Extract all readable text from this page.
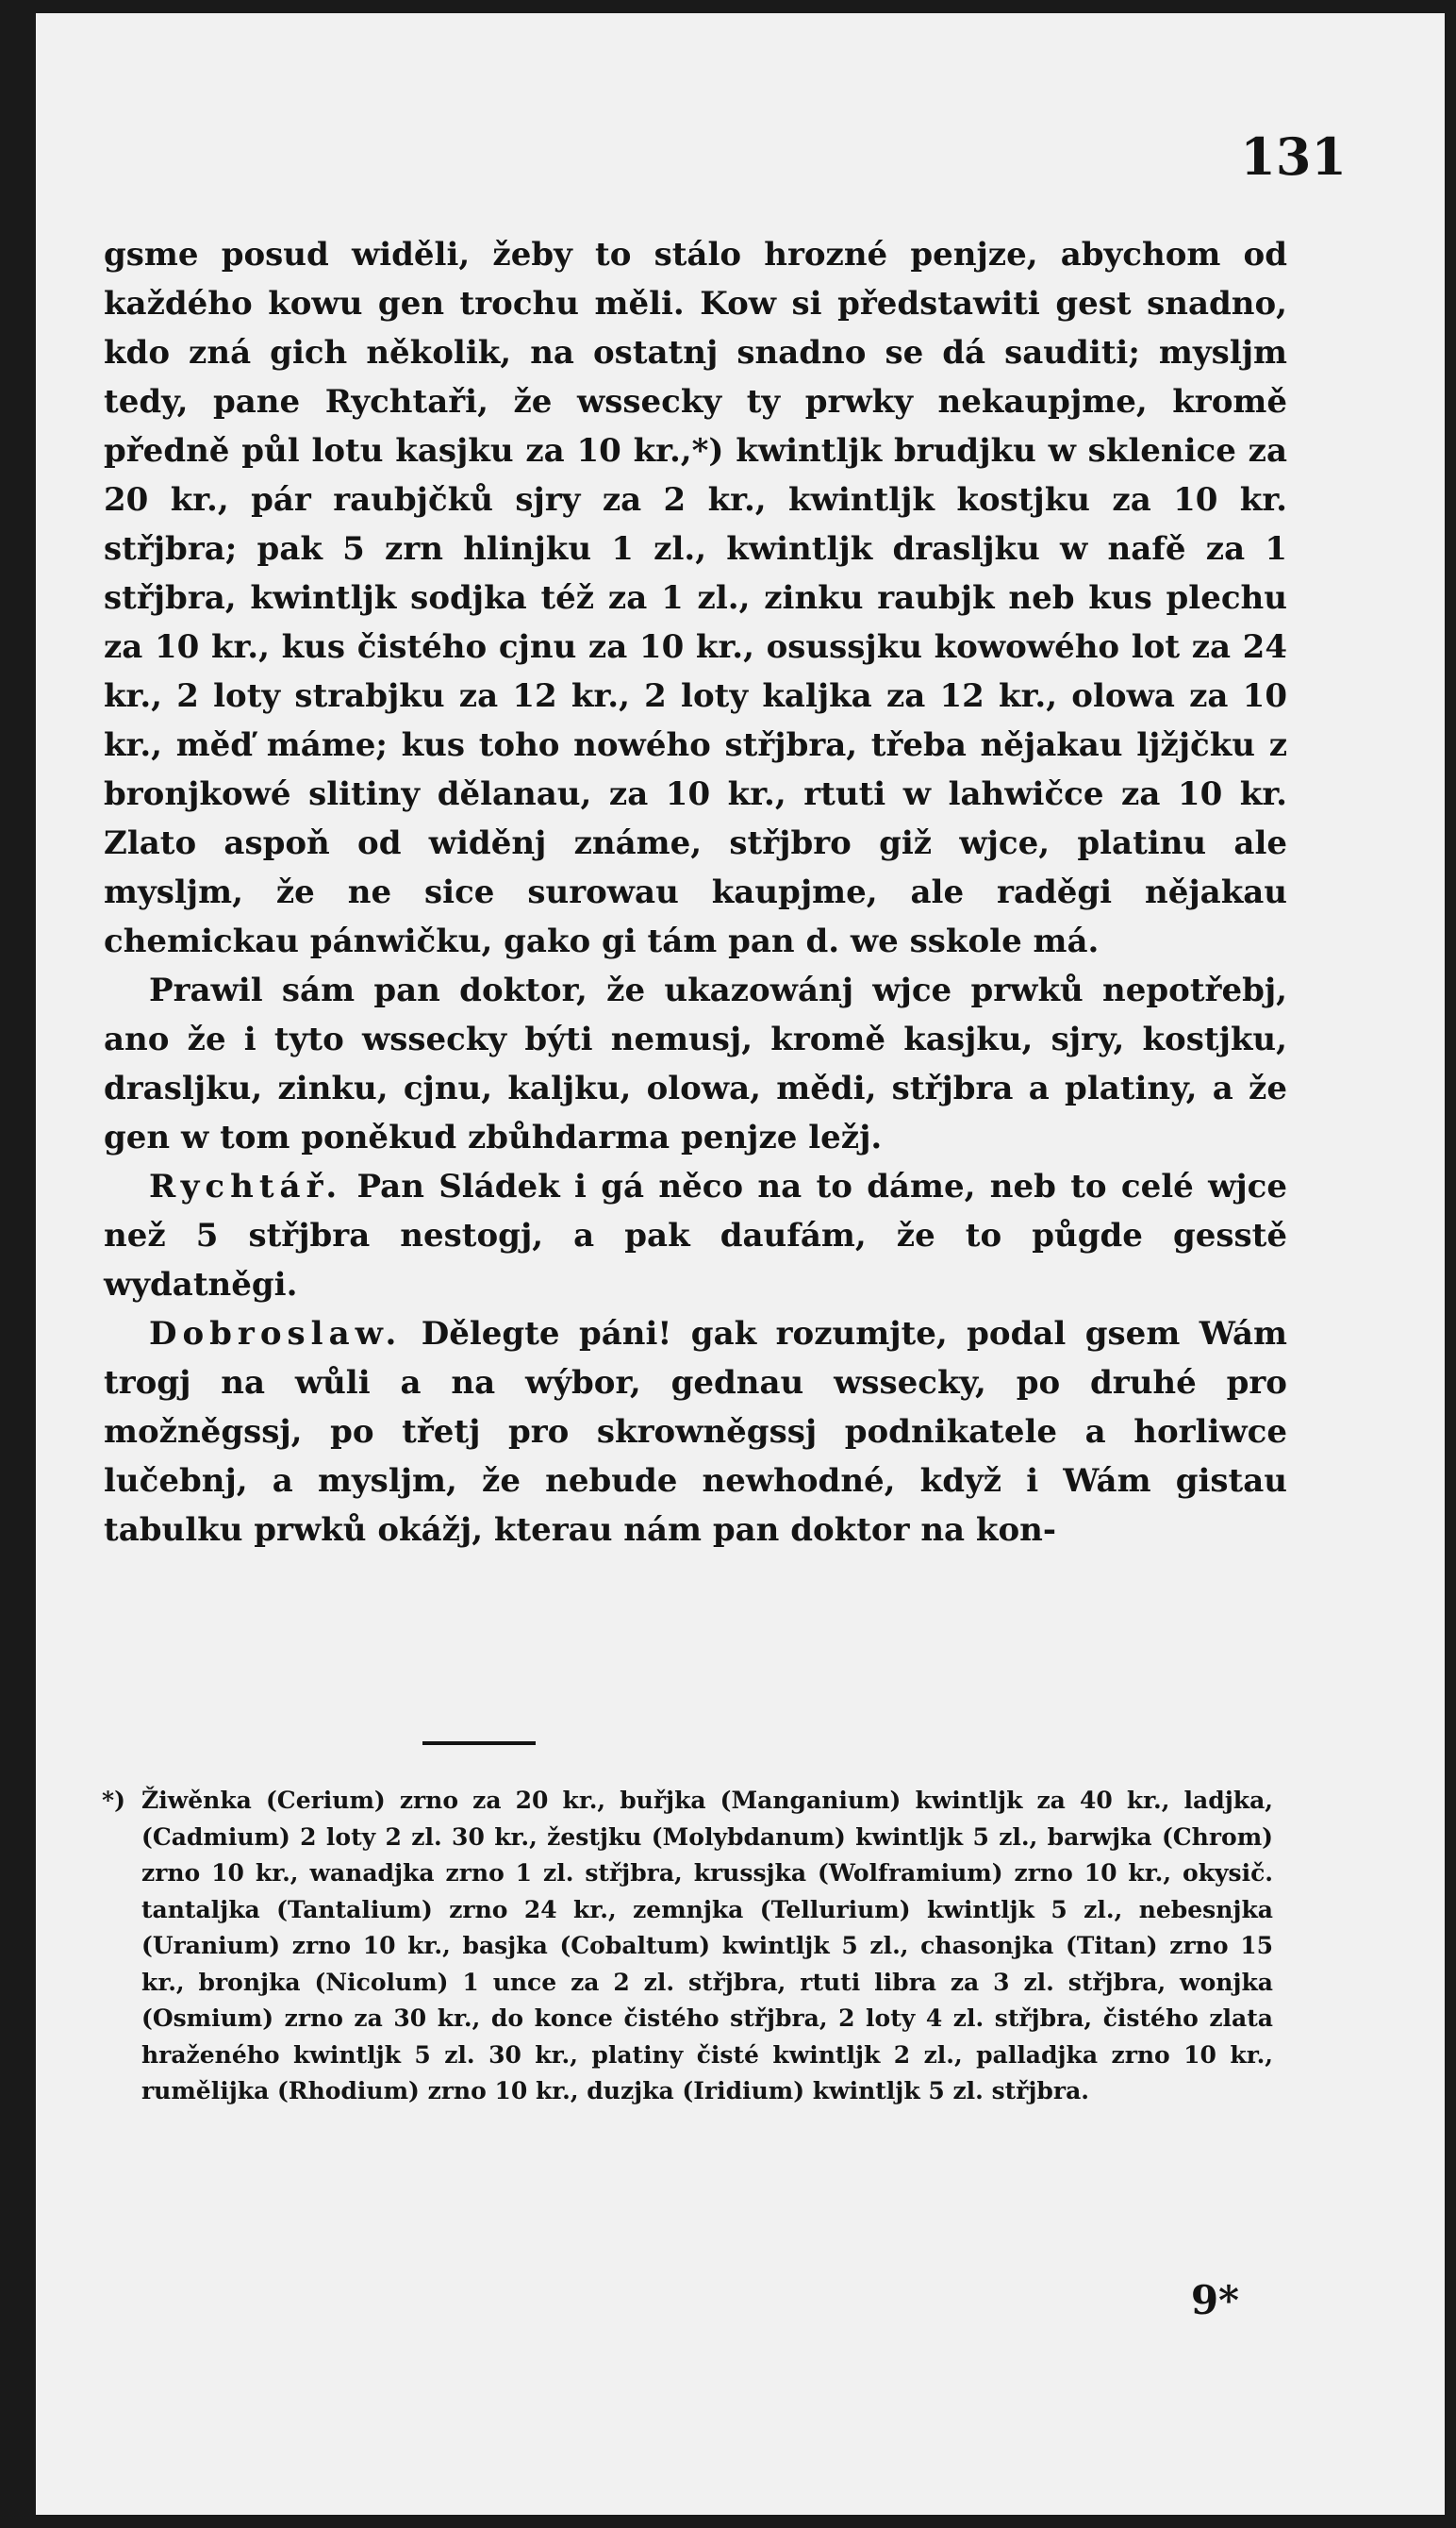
131

gsme posud widěli, žeby to stálo hrozné penjze, abychom od každého kowu gen trochu měli. Kow si předstawiti gest snadno, kdo zná gich několik, na ostatnj snadno se dá sauditi; myslјm tedy, pane Rychtaři, že wssecky ty prwky nekaupјme, kromě předně půl lotu kasjku za 10 kr.,*) kwintljk brudjku w sklenice za 20 kr., pár raubjčků sjry za 2 kr., kwintljk kostjku za 10 kr. střjbra; pak 5 zrn hlinjku 1 zl., kwintljk drasljku w nafě za 1 střjbra, kwintljk sodjka též za 1 zl., zinku raubjk neb kus plechu za 10 kr., kus čistého cjnu za 10 kr., osussjku kowowého lot za 24 kr., 2 loty strabjku za 12 kr., 2 loty kaljka za 12 kr., olowa za 10 kr., měď máme; kus toho nowého střjbra, třeba nějakau ljžjčku z bronjkowé slitiny dělanau, za 10 kr., rtuti w lahwičce za 10 kr. Zlato aspoň od widěnj známe, střjbro giž wjce, platinu ale mysljm, že ne sice surowau kaupјme, ale raděgi nějakau chemickau pánwičku, gako gi tám pan d. we sskole má.

Prawil sám pan doktor, že ukazowánj wjce prwků nepotřebј, ano že i tyto wssecky býti nemusj, kromě kasjku, sjry, kostjku, drasljku, zinku, cjnu, kaljku, olowa, mědi, střjbra a platiny, a že gen w tom poněkud zbůhdarma penjze ležj.

Rychtář. Pan Sládek i gá něco na to dáme, neb to celé wjce než 5 střjbra nestogj, a pak daufám, že to půgde gesstě wydatněgi.

Dobroslaw. Dělegte páni! gak rozumjte, podal gsem Wám trogj na wůli a na wýbor, gednau wssecky, po druhé pro možněgssj, po třetj pro skrowněgssj podnikatele a horliwce lučebnj, a myslјm, že nebude newhodné, když i Wám gistau tabulku prwků okážj, kterau nám pan doktor na kon-

*) Žiwěnka (Cerium) zrno za 20 kr., buřjka (Manganium) kwintljk za 40 kr., ladjka, (Cadmium) 2 loty 2 zl. 30 kr., žestjku (Molybdanum) kwintljk 5 zl., barwjka (Chrom) zrno 10 kr., wanadjka zrno 1 zl. střjbra, krussjka (Wolframium) zrno 10 kr., okysič. tantaljka (Tantalium) zrno 24 kr., zemnjka (Tellurium) kwintljk 5 zl., nebesnjka (Uranium) zrno 10 kr., basjka (Cobaltum) kwintljk 5 zl., chasonjka (Titan) zrno 15 kr., bronjka (Nicolum) 1 unce za 2 zl. střjbra, rtuti libra za 3 zl. střjbra, wonjka (Osmium) zrno za 30 kr., do konce čistého střjbra, 2 loty 4 zl. střjbra, čistého zlata hraženého kwintljk 5 zl. 30 kr., platiny čisté kwintljk 2 zl., palladjka zrno 10 kr., rumělijka (Rhodium) zrno 10 kr., duzjka (Iridium) kwintljk 5 zl. střjbra.
9*
